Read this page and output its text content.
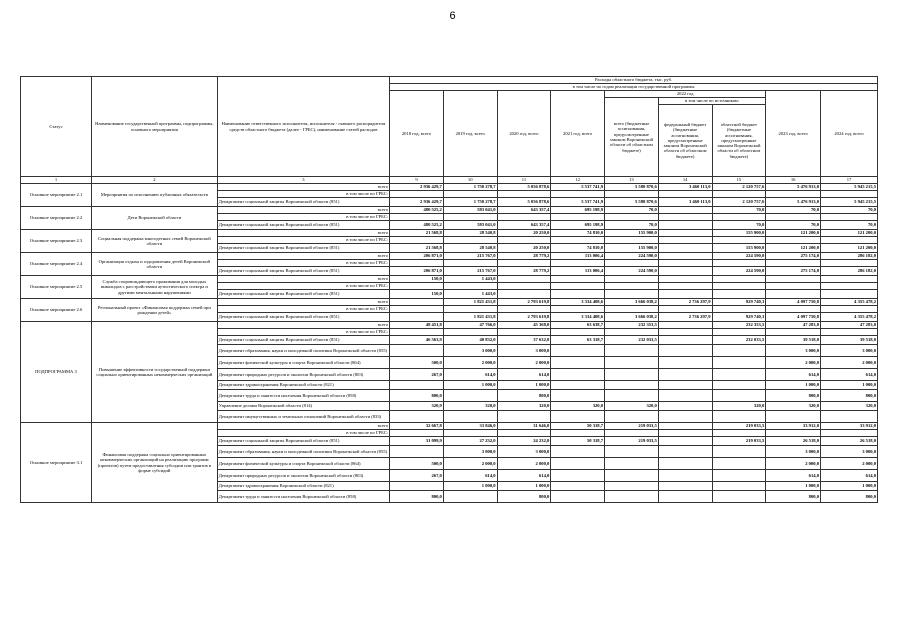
6
Статус	Наименование государственной программы, подпрограммы, основного мероприятия	Наименование ответственного исполнителя, исполнителя - главного распорядителя средств областного бюджета (далее - ГРБС), наименование статей расходов	Расходы областного бюджета, тыс. руб.								
			в том числе по годам реализации государственной программы								
			2018 год, всего	2019 год, всего	2020 год, всего	2021 год, всего	2022 год			2023 год, всего	2024 год, всего
							всего (бюджетные ассигнования, предусмотренные законом Воронежской области об областном бюджете)	в том числе по источникам:			
								федеральный бюджет (бюджетные ассигнования, предусмотренные законом Воронежской области об областном бюджете)	областной бюджет (бюджетные ассигнования, предусмотренные законом Воронежской области об областном бюджете)		
1	2	3	9	10	11	12	13	14	15	16	17
Основное мероприятие 2.1	Мероприятия по исполнению публичных обязательств	всего	2 936 429,7	1 750 278,7	5 056 878,6	5 537 741,9	5 580 870,6	3 460 113,0	2 120 757,6	5 476 913,0	5 945 215,5
		в том числе по ГРБС:									
		Департамент социальной защиты Воронежской области (851)	2 936 429,7	1 750 278,7	5 056 878,6	5 537 741,9	5 580 870,6	3 460 113,0	2 120 757,6	5 476 913,0	5 945 215,5
Основное мероприятие 2.2	Дети Воронежской области	всего	480 525,2	583 041,0	643 357,4	695 198,9	70,0		70,0	70,0	70,0
		в том числе по ГРБС:									
		Департамент социальной защиты Воронежской области (851)	480 525,2	583 041,0	643 357,4	695 198,9	70,0		70,0	70,0	70,0
Основное мероприятие 2.3	Социальная поддержка многодетных семей Воронежской области	всего	21 568,8	28 540,8	20 250,0	74 810,0	155 900,0		155 900,0	121 200,0	121 200,0
		в том числе по ГРБС:									
		Департамент социальной защиты Воронежской области (851)	21 568,8	28 540,8	20 250,0	74 810,0	155 900,0		155 900,0	121 200,0	121 200,0
Основное мероприятие 2.4	Организация отдыха и оздоровления детей Воронежской области	всего	206 871,0	215 767,0	28 779,2	113 006,4	224 590,0		224 590,0	275 174,0	286 182,0
		в том числе по ГРБС:									
		Департамент социальной защиты Воронежской области (851)	206 871,0	215 767,0	28 779,2	113 006,4	224 590,0		224 590,0	275 174,0	286 182,0
Основное мероприятие 2.5	Служба сопровождающего проживания для молодых инвалидов с расстройствами аутистического спектра и другими ментальными нарушениями	всего	150,0	1 443,0							
		в том числе по ГРБС:									
		Департамент социальной защиты Воронежской области (851)	150,0	1 443,0							
Основное мероприятие 2.6	Региональный проект «Финансовая поддержка семей при рождении детей»	всего		1 821 431,8	2 793 619,8	3 334 408,6	3 666 038,2	2 736 297,9	929 740,3	4 097 750,8	4 355 478,2
		в том числе по ГРБС:									
		Департамент социальной защиты Воронежской области (851)		1 821 431,8	2 793 619,8	3 334 408,6	3 666 038,2	2 736 297,9	929 740,3	4 097 750,8	4 355 478,2
ПОДПРОГРАММА 3	Повышение эффективности государственной поддержки социально ориентированных некоммерческих организаций	всего	48 451,8	47 766,0	45 368,0	63 638,7	232 353,5		232 353,5	47 283,0	47 283,0
		в том числе по ГРБС:									
		Департамент социальной защиты Воронежской области (851)	46 563,9	40 832,0	37 632,0	63 318,7	232 033,5		232 033,5	39 518,0	39 518,0
		Департамент образования, науки и молодежной политики Воронежской области (855)		3 000,0	3 000,0					3 000,0	3 000,0
		Департамент физической культуры и спорта Воронежской области (864)	500,0	2 000,0	2 000,0					2 000,0	2 000,0
		Департамент природных ресурсов и экологии Воронежской области (803)	267,0	614,0	614,0					614,0	614,0
		Департамент здравоохранения Воронежской области (821)		1 000,0	1 000,0					1 000,0	1 000,0
		Департамент труда и занятости населения Воронежской области (858)	800,0		800,0					800,0	800,0
		Управление делами Воронежской области (814)	320,9	320,0	320,0	320,0	320,0		320,0	320,0	320,0
		Департамент имущественных и земельных отношений Воронежской области (833)									
Основное мероприятие 3.1	Финансовая поддержка социально ориентированных некоммерческих организаций на реализацию программ (проектов) путем предоставления субсидии или грантов в форме субсидий	всего	32 667,8	33 846,0	31 646,0	50 318,7	219 033,5		219 033,5	33 912,0	33 912,0
		в том числе по ГРБС:									
		Департамент социальной защиты Воронежской области (851)	31 099,9	27 232,0	24 232,0	50 318,7	219 033,5		219 033,5	26 518,0	26 518,0
		Департамент образования, науки и молодежной политики Воронежской области (855)		3 000,0	3 000,0					3 000,0	3 000,0
		Департамент физической культуры и спорта Воронежской области (864)	500,0	2 000,0	2 000,0					2 000,0	2 000,0
		Департамент природных ресурсов и экологии Воронежской области (803)	267,0	614,0	614,0					614,0	614,0
		Департамент здравоохранения Воронежской области (821)		1 000,0	1 000,0					1 000,0	1 000,0
		Департамент труда и занятости населения Воронежской области (858)	800,0		800,0					800,0	800,0
